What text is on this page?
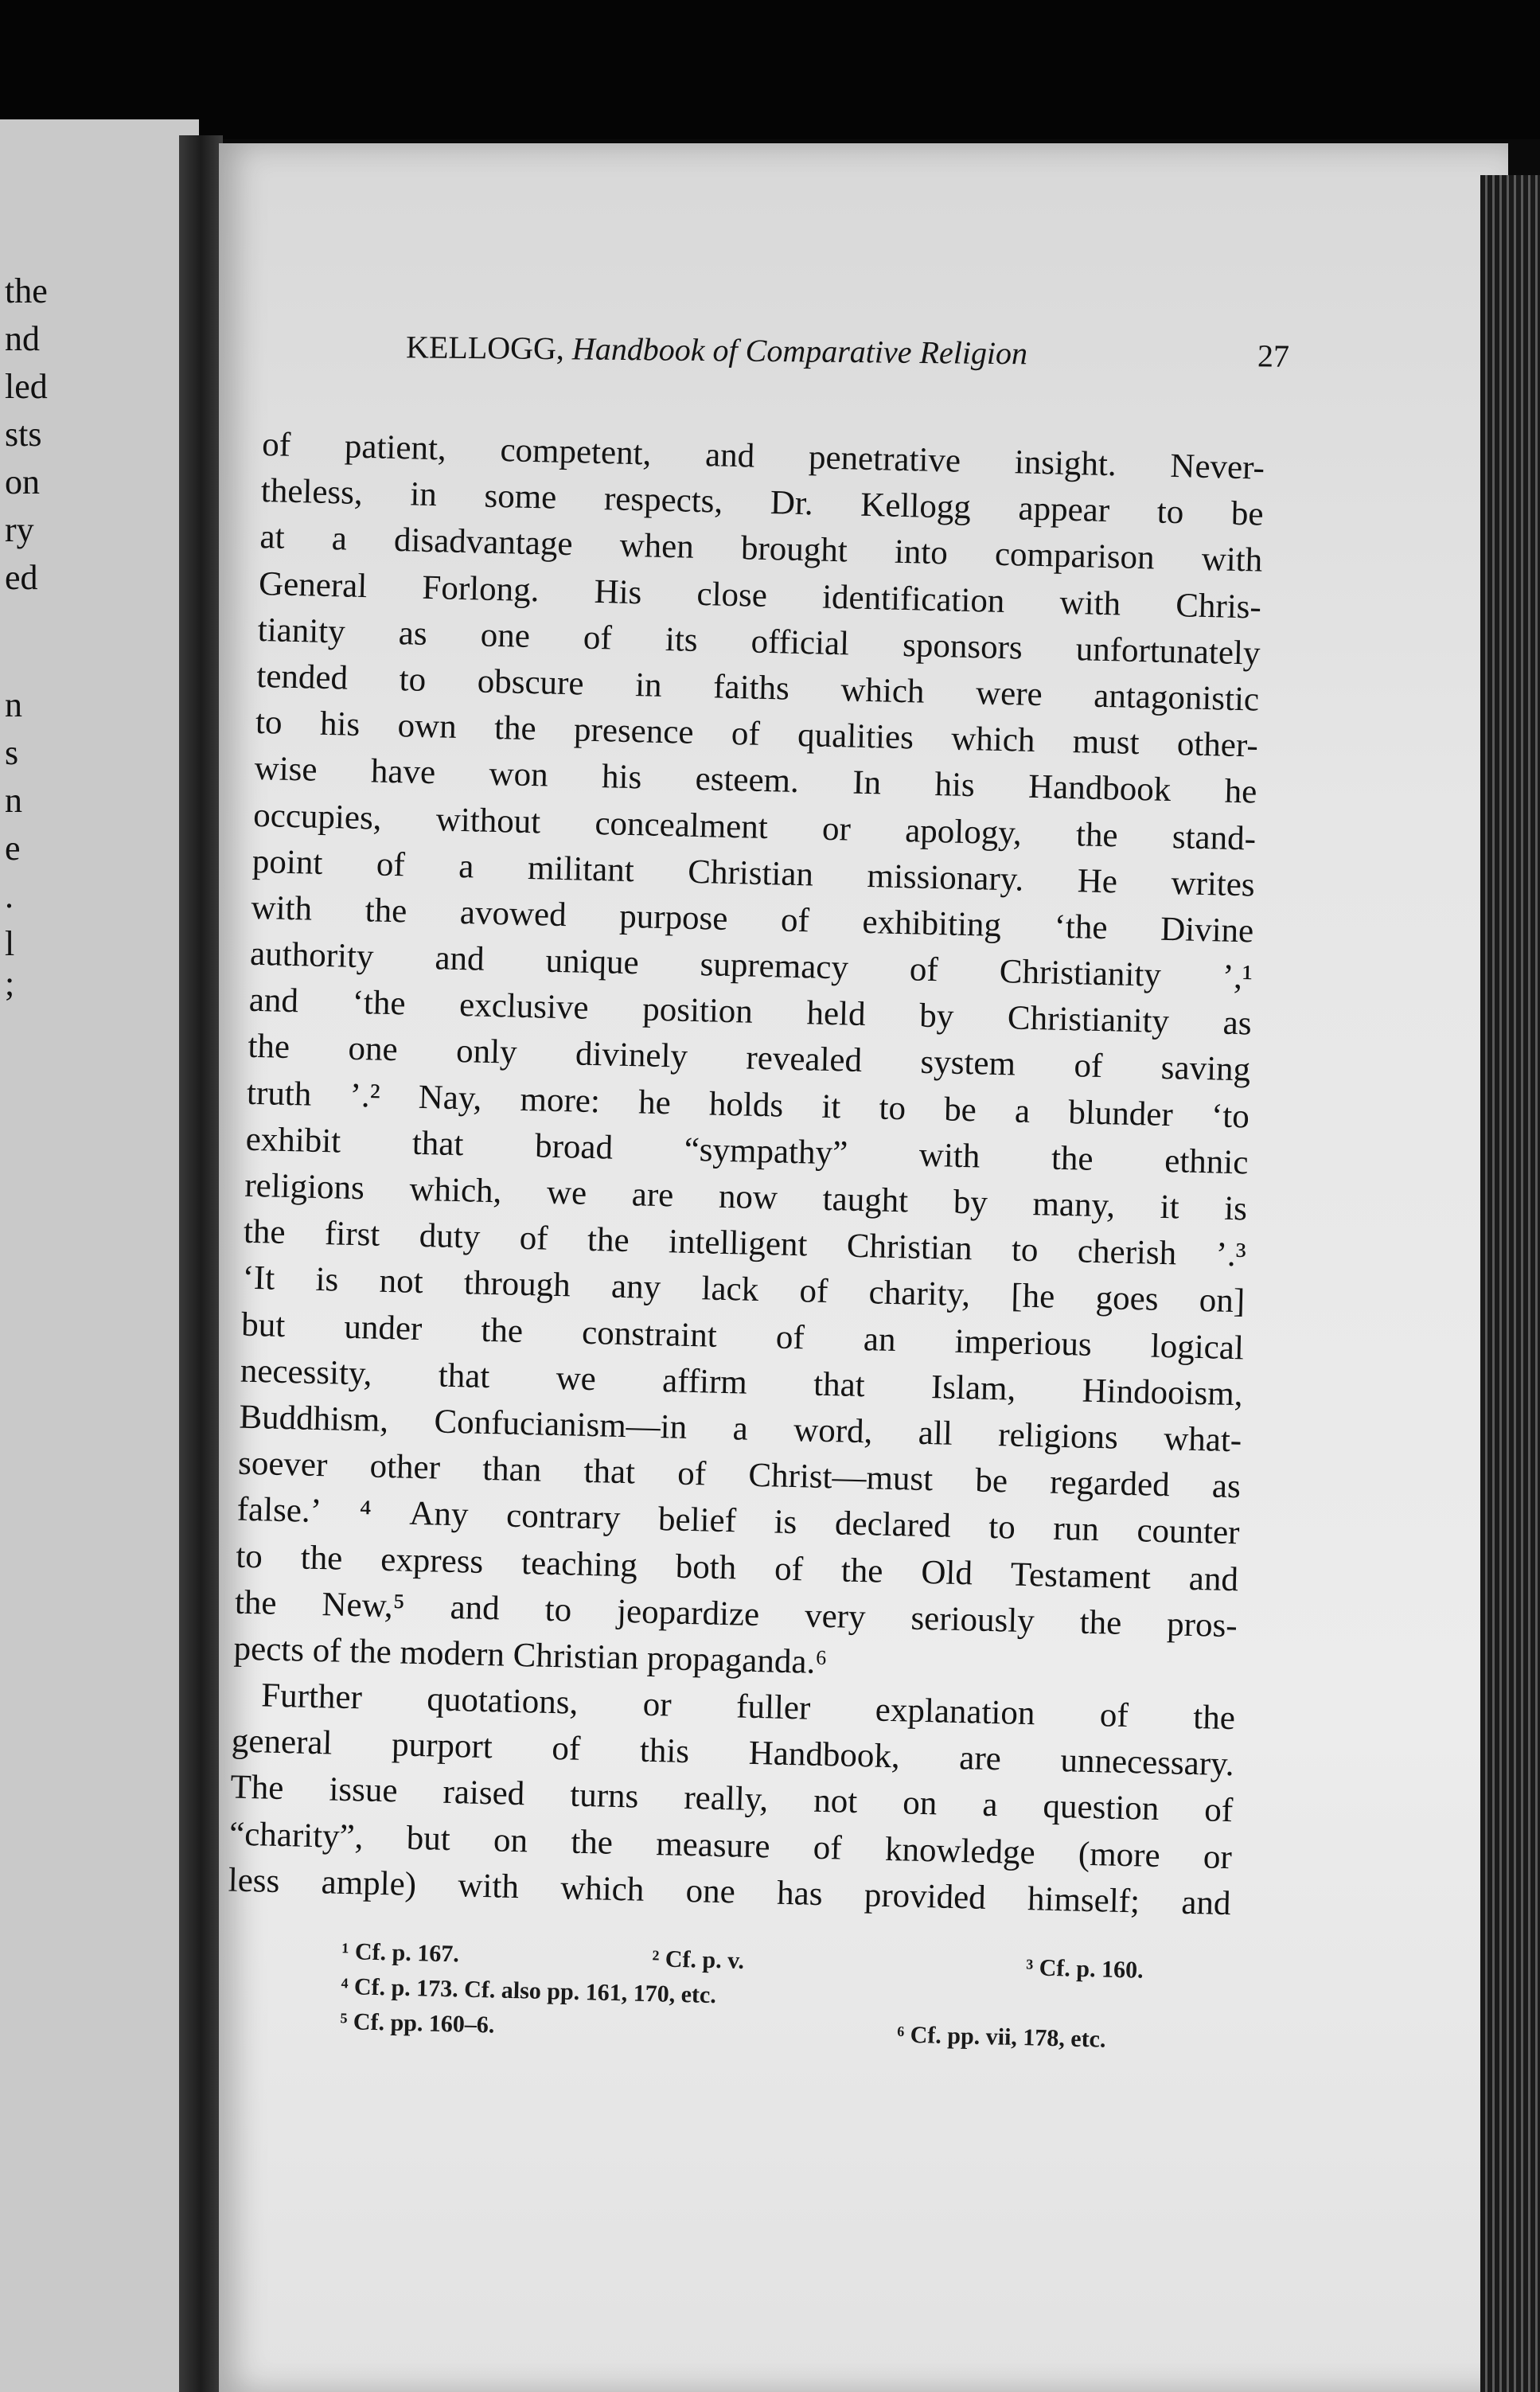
the
nd
led
sts
on
ry
ed
n
s
n
e
.
l
;
KELLOGG, Handbook of Comparative Religion	27
of patient, competent, and penetrative insight. Never-
theless, in some respects, Dr. Kellogg appear to be
at a disadvantage when brought into comparison with
General Forlong. His close identification with Chris-
tianity as one of its official sponsors unfortunately
tended to obscure in faiths which were antagonistic
to his own the presence of qualities which must other-
wise have won his esteem. In his Handbook he
occupies, without concealment or apology, the stand-
point of a militant Christian missionary. He writes
with the avowed purpose of exhibiting ‘the Divine
authority and unique supremacy of Christianity ’,¹
and ‘the exclusive position held by Christianity as
the one only divinely revealed system of saving
truth ’.² Nay, more: he holds it to be a blunder ‘to
exhibit that broad “sympathy” with the ethnic
religions which, we are now taught by many, it is
the first duty of the intelligent Christian to cherish ’.³
‘It is not through any lack of charity, [he goes on]
but under the constraint of an imperious logical
necessity, that we affirm that Islam, Hindooism,
Buddhism, Confucianism—in a word, all religions what-
soever other than that of Christ—must be regarded as
false.’ ⁴ Any contrary belief is declared to run counter
to the express teaching both of the Old Testament and
the New,⁵ and to jeopardize very seriously the pros-
pects of the modern Christian propaganda.⁶
Further quotations, or fuller explanation of the
general purport of this Handbook, are unnecessary.
The issue raised turns really, not on a question of
“charity”, but on the measure of knowledge (more or
less ample) with which one has provided himself; and
¹ Cf. p. 167.	² Cf. p. v.	³ Cf. p. 160.
⁴ Cf. p. 173. Cf. also pp. 161, 170, etc.
⁵ Cf. pp. 160–6.	⁶ Cf. pp. vii, 178, etc.
